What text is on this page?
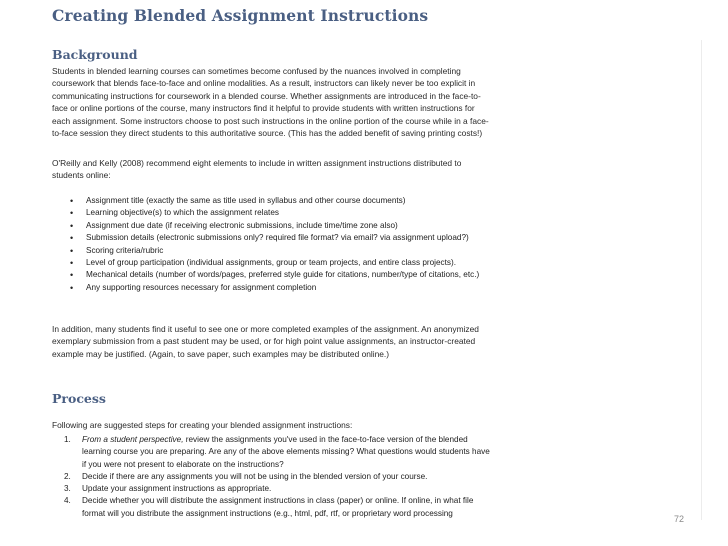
Creating Blended Assignment Instructions
Background
Students in blended learning courses can sometimes become confused by the nuances involved in completing
coursework that blends face-to-face and online modalities. As a result, instructors can likely never be too explicit in
communicating instructions for coursework in a blended course. Whether assignments are introduced in the face-to-
face or online portions of the course, many instructors find it helpful to provide students with written instructions for
each assignment. Some instructors choose to post such instructions in the online portion of the course while in a face-
to-face session they direct students to this authoritative source. (This has the added benefit of saving printing costs!)
O'Reilly and Kelly (2008) recommend eight elements to include in written assignment instructions distributed to
students online:
• Assignment title (exactly the same as title used in syllabus and other course documents)
• Learning objective(s) to which the assignment relates
• Assignment due date (if receiving electronic submissions, include time/time zone also)
• Submission details (electronic submissions only? required file format? via email? via assignment upload?)
• Scoring criteria/rubric
• Level of group participation (individual assignments, group or team projects, and entire class projects).
• Mechanical details (number of words/pages, preferred style guide for citations, number/type of citations, etc.)
• Any supporting resources necessary for assignment completion
In addition, many students find it useful to see one or more completed examples of the assignment. An anonymized
exemplary submission from a past student may be used, or for high point value assignments, an instructor-created
example may be justified. (Again, to save paper, such examples may be distributed online.)
Process
Following are suggested steps for creating your blended assignment instructions:
1. From a student perspective, review the assignments you've used in the face-to-face version of the blended
learning course you are preparing. Are any of the above elements missing? What questions would students have
if you were not present to elaborate on the instructions?
2. Decide if there are any assignments you will not be using in the blended version of your course.
3. Update your assignment instructions as appropriate.
4. Decide whether you will distribute the assignment instructions in class (paper) or online. If online, in what file
format will you distribute the assignment instructions (e.g., html, pdf, rtf, or proprietary word processing
72
